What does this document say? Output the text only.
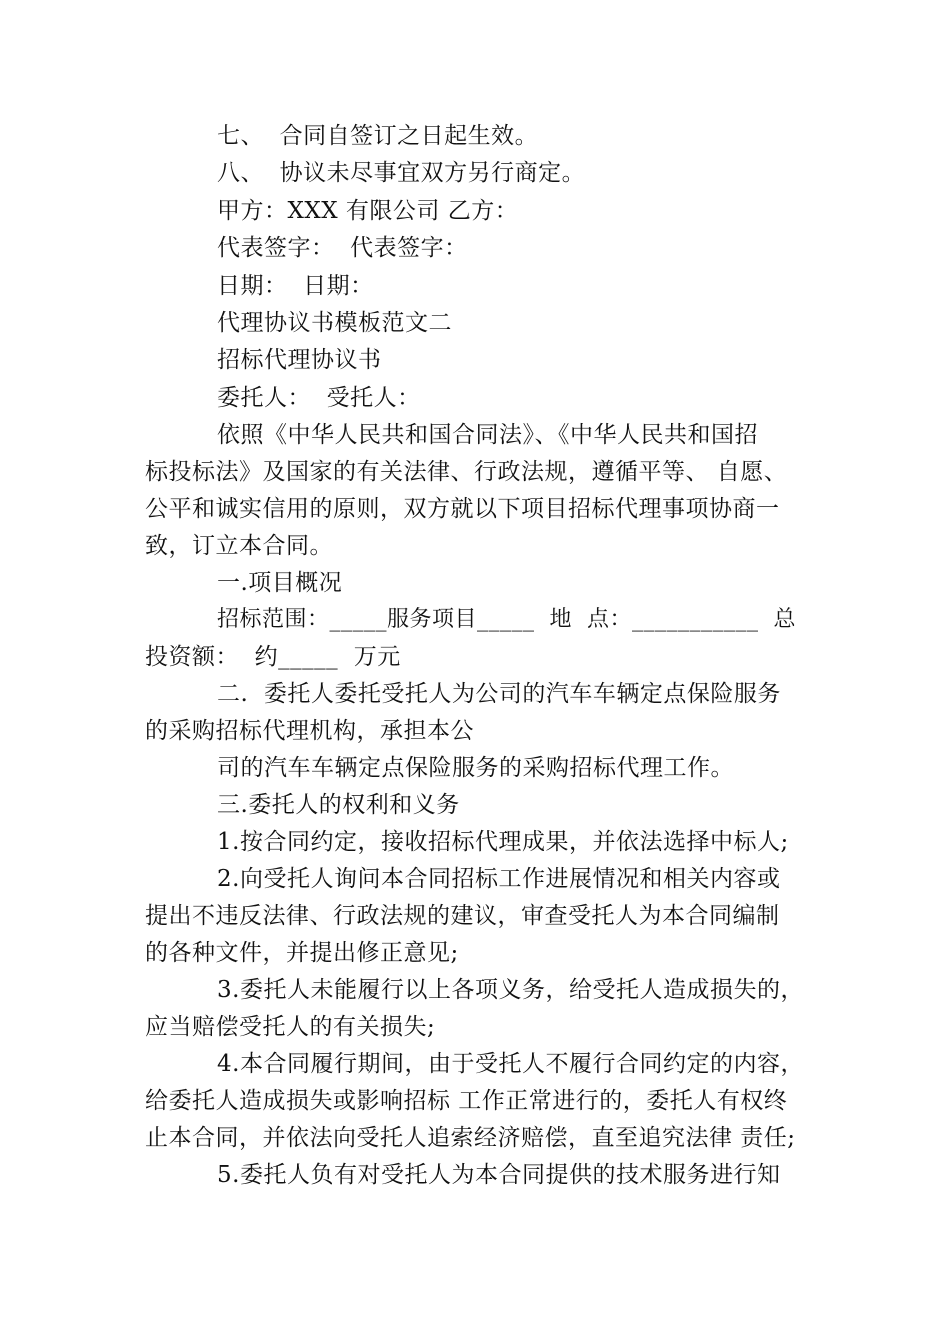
七、  合同自签订之日起生效。
八、  协议未尽事宜双方另行商定。
甲方：XXX 有限公司 乙方：
代表签字：  代表签字：
日期：  日期：
代理协议书模板范文二
招标代理协议书
委托人：  受托人：
依照《中华人民共和国合同法》、《中华人民共和国招
标投标法》及国家的有关法律、行政法规，遵循平等、 自愿、
公平和诚实信用的原则，双方就以下项目招标代理事项协商一
致，订立本合同。
一.项目概况
招标范围：_____服务项目_____  地  点：___________  总
投资额：  约_____  万元
二.  委托人委托受托人为公司的汽车车辆定点保险服务
的采购招标代理机构，承担本公
司的汽车车辆定点保险服务的采购招标代理工作。
三.委托人的权利和义务
1.按合同约定，接收招标代理成果，并依法选择中标人;
2.向受托人询问本合同招标工作进展情况和相关内容或
提出不违反法律、行政法规的建议，审查受托人为本合同编制
的各种文件，并提出修正意见;
3.委托人未能履行以上各项义务，给受托人造成损失的，
应当赔偿受托人的有关损失;
4.本合同履行期间，由于受托人不履行合同约定的内容，
给委托人造成损失或影响招标 工作正常进行的，委托人有权终
止本合同，并依法向受托人追索经济赔偿，直至追究法律 责任;
5.委托人负有对受托人为本合同提供的技术服务进行知
